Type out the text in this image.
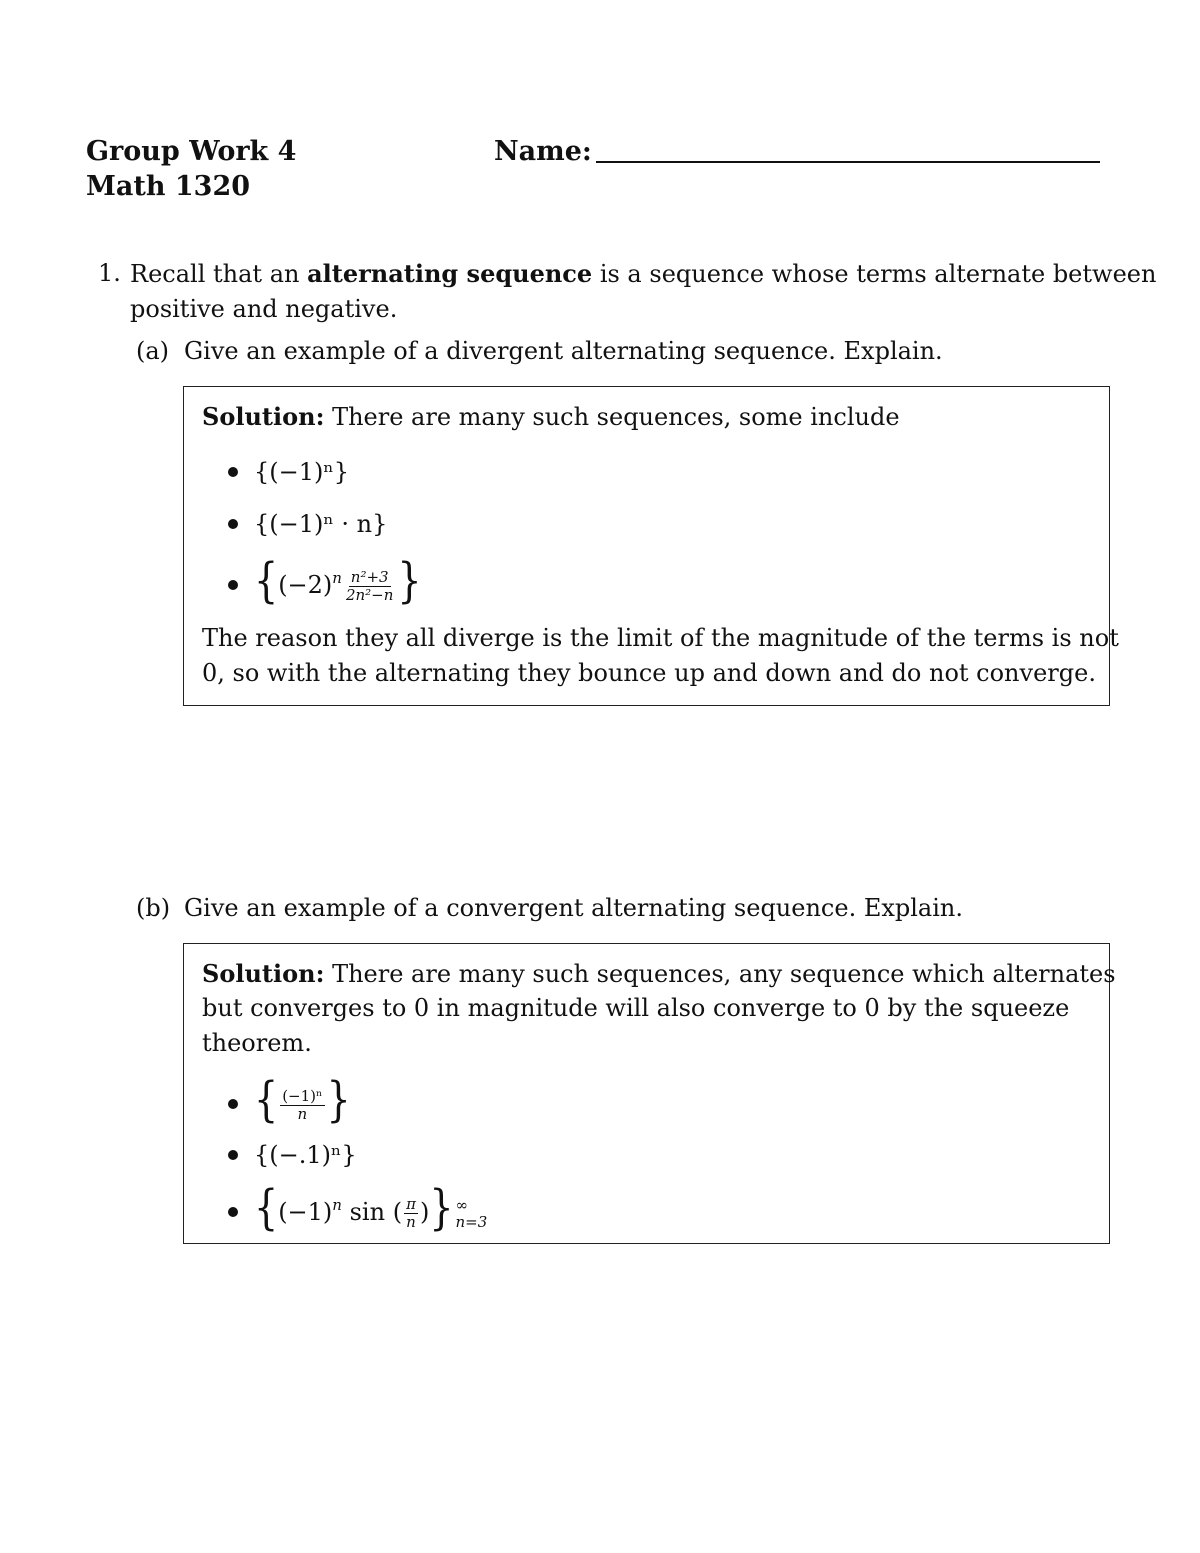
Group Work 4
Math 1320
Name:
1. Recall that an alternating sequence is a sequence whose terms alternate between
positive and negative.
(a) Give an example of a divergent alternating sequence. Explain.
Solution: There are many such sequences, some include
{(−1)ⁿ}
{(−1)ⁿ · n}
{$(-2)^n \frac{\text{n²+3}}{\text{2n²−n}}$ }
The reason they all diverge is the limit of the magnitude of the terms is not
0, so with the alternating they bounce up and down and do not converge.
(b) Give an example of a convergent alternating sequence. Explain.
Solution: There are many such sequences, any sequence which alternates
but converges to 0 in magnitude will also converge to 0 by the squeeze
theorem.
{ $\frac{\text{(−1)ⁿ}}{n}$ }
{(−.1)ⁿ}
{$(-1)^n$ sin ( $\frac{\pi}{n}$ )} ∞
n=3
